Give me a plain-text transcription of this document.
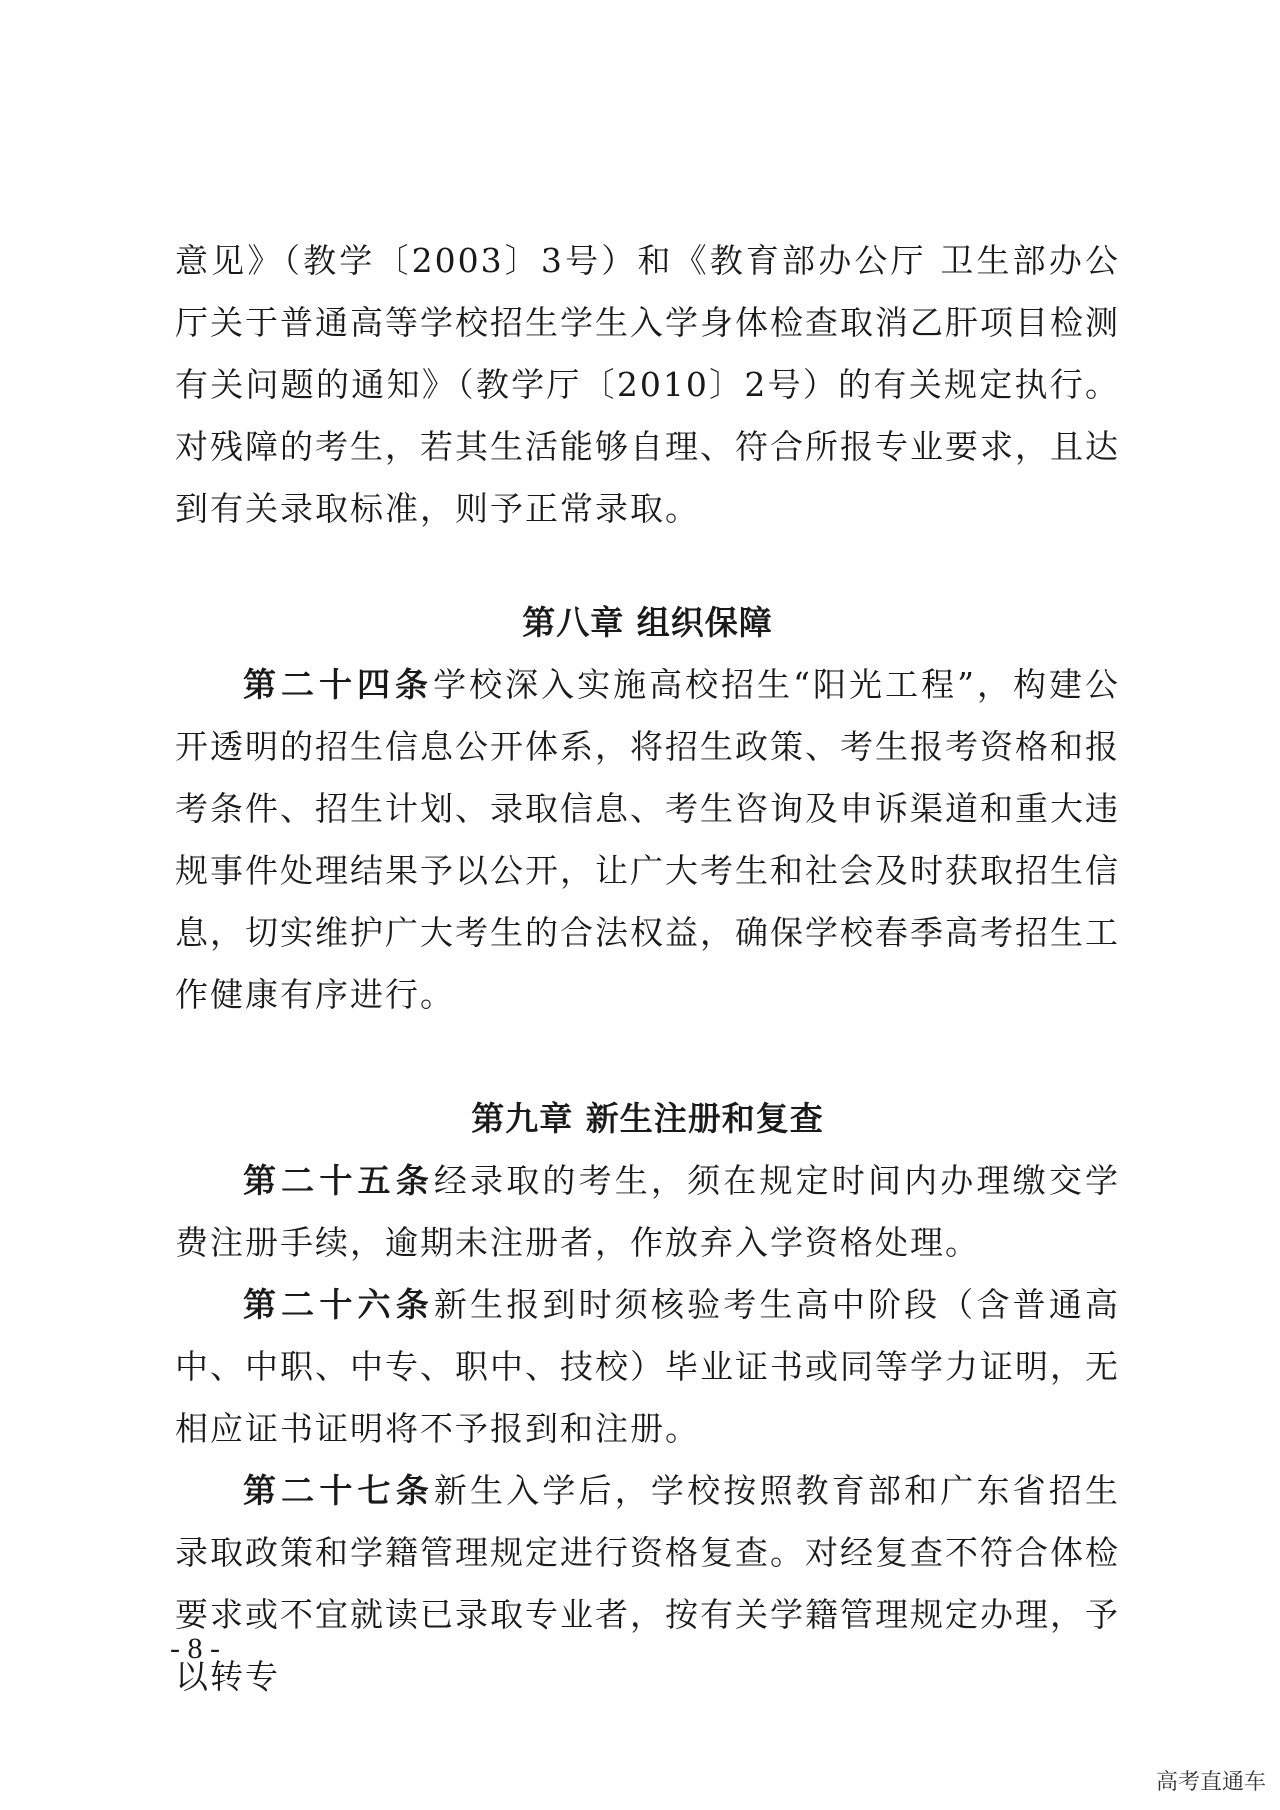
意见》（教学〔2003〕3号）和《教育部办公厅 卫生部办公厅关于普通高等学校招生学生入学身体检查取消乙肝项目检测有关问题的通知》（教学厅〔2010〕2号）的有关规定执行。对残障的考生，若其生活能够自理、符合所报专业要求，且达到有关录取标准，则予正常录取。

第八章 组织保障

第二十四条学校深入实施高校招生“阳光工程”，构建公开透明的招生信息公开体系，将招生政策、考生报考资格和报考条件、招生计划、录取信息、考生咨询及申诉渠道和重大违规事件处理结果予以公开，让广大考生和社会及时获取招生信息，切实维护广大考生的合法权益，确保学校春季高考招生工作健康有序进行。

第九章 新生注册和复查

第二十五条经录取的考生，须在规定时间内办理缴交学费注册手续，逾期未注册者，作放弃入学资格处理。

第二十六条新生报到时须核验考生高中阶段（含普通高中、中职、中专、职中、技校）毕业证书或同等学力证明，无相应证书证明将不予报到和注册。

第二十七条新生入学后，学校按照教育部和广东省招生录取政策和学籍管理规定进行资格复查。对经复查不符合体检要求或不宜就读已录取专业者，按有关学籍管理规定办理，予以转专

- 8 -
高考直通车
